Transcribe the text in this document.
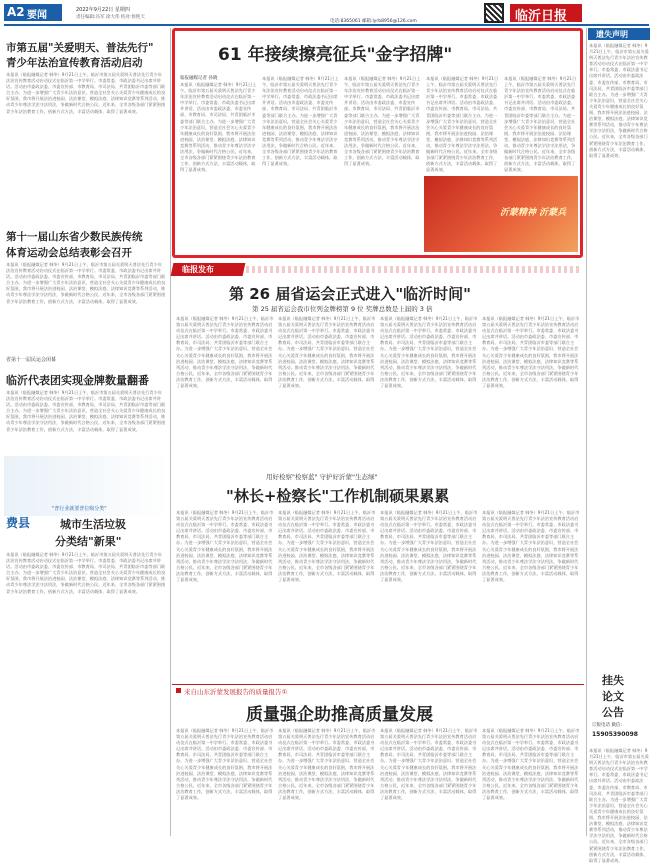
A2 要闻	2022年9月22日 星期四
责任编辑:冯军 徐大伟 校对:侯艳天
电话:8365061 邮箱:lyrb8956@126.com	临沂日报
市第五届"关爱明天、普法先行"
青少年法治宣传教育活动启动
本报讯（临报融媒记者 韩冬）9月21日上午，临沂市第五届关爱明天普法先行青少年法治宣传教育活动启动仪式在临沂第一中学举行。市委常委、市政法委书记出席并讲话。活动由市委政法委、市委宣传部、市教育局、市司法局、共青团临沂市委等部门联合主办。为进一步增强广大青少年法治意识，营造全社会关心关爱青少年健康成长的良好氛围，我市将开展法治进校园、法治课堂、模拟法庭、法律知识竞赛等系列活动，推动青少年尊法学法守法用法，争做新时代合格公民。近年来，全市各级各部门紧紧围绕青少年法治教育工作，创新方式方法，丰富活动载体，取得了显著成效。
第十一届山东省少数民族传统
体育运动会总结表彰会召开
本报讯（临报融媒记者 韩冬）9月21日上午，临沂市第五届关爱明天普法先行青少年法治宣传教育活动启动仪式在临沂第一中学举行。市委常委、市政法委书记出席并讲话。活动由市委政法委、市委宣传部、市教育局、市司法局、共青团临沂市委等部门联合主办。为进一步增强广大青少年法治意识，营造全社会关心关爱青少年健康成长的良好氛围，我市将开展法治进校园、法治课堂、模拟法庭、法律知识竞赛等系列活动，推动青少年尊法学法守法用法，争做新时代合格公民。近年来，全市各级各部门紧紧围绕青少年法治教育工作，创新方式方法，丰富活动载体，取得了显著成效。
省第十一届民运会闭幕
临沂代表团实现金牌数量翻番
本报讯（临报融媒记者 韩冬）9月21日上午，临沂市第五届关爱明天普法先行青少年法治宣传教育活动启动仪式在临沂第一中学举行。市委常委、市政法委书记出席并讲话。活动由市委政法委、市委宣传部、市教育局、市司法局、共青团临沂市委等部门联合主办。为进一步增强广大青少年法治意识，营造全社会关心关爱青少年健康成长的良好氛围，我市将开展法治进校园、法治课堂、模拟法庭、法律知识竞赛等系列活动，推动青少年尊法学法守法用法，争做新时代合格公民。近年来，全市各级各部门紧紧围绕青少年法治教育工作，创新方式方法，丰富活动载体，取得了显著成效。
费县
"普行业就要普位级分类"
城市生活垃圾
分类结"新果"
本报讯（临报融媒记者 韩冬）9月21日上午，临沂市第五届关爱明天普法先行青少年法治宣传教育活动启动仪式在临沂第一中学举行。市委常委、市政法委书记出席并讲话。活动由市委政法委、市委宣传部、市教育局、市司法局、共青团临沂市委等部门联合主办。为进一步增强广大青少年法治意识，营造全社会关心关爱青少年健康成长的良好氛围，我市将开展法治进校园、法治课堂、模拟法庭、法律知识竞赛等系列活动，推动青少年尊法学法守法用法，争做新时代合格公民。近年来，全市各级各部门紧紧围绕青少年法治教育工作，创新方式方法，丰富活动载体，取得了显著成效。
61 年接续擦亮征兵"金字招牌"
临报融媒记者 孙晓
本报讯（临报融媒记者 韩冬）9月21日上午，临沂市第五届关爱明天普法先行青少年法治宣传教育活动启动仪式在临沂第一中学举行。市委常委、市政法委书记出席并讲话。活动由市委政法委、市委宣传部、市教育局、市司法局、共青团临沂市委等部门联合主办。为进一步增强广大青少年法治意识，营造全社会关心关爱青少年健康成长的良好氛围，我市将开展法治进校园、法治课堂、模拟法庭、法律知识竞赛等系列活动，推动青少年尊法学法守法用法，争做新时代合格公民。近年来，全市各级各部门紧紧围绕青少年法治教育工作，创新方式方法，丰富活动载体，取得了显著成效。
本报讯（临报融媒记者 韩冬）9月21日上午，临沂市第五届关爱明天普法先行青少年法治宣传教育活动启动仪式在临沂第一中学举行。市委常委、市政法委书记出席并讲话。活动由市委政法委、市委宣传部、市教育局、市司法局、共青团临沂市委等部门联合主办。为进一步增强广大青少年法治意识，营造全社会关心关爱青少年健康成长的良好氛围，我市将开展法治进校园、法治课堂、模拟法庭、法律知识竞赛等系列活动，推动青少年尊法学法守法用法，争做新时代合格公民。近年来，全市各级各部门紧紧围绕青少年法治教育工作，创新方式方法，丰富活动载体，取得了显著成效。
本报讯（临报融媒记者 韩冬）9月21日上午，临沂市第五届关爱明天普法先行青少年法治宣传教育活动启动仪式在临沂第一中学举行。市委常委、市政法委书记出席并讲话。活动由市委政法委、市委宣传部、市教育局、市司法局、共青团临沂市委等部门联合主办。为进一步增强广大青少年法治意识，营造全社会关心关爱青少年健康成长的良好氛围，我市将开展法治进校园、法治课堂、模拟法庭、法律知识竞赛等系列活动，推动青少年尊法学法守法用法，争做新时代合格公民。近年来，全市各级各部门紧紧围绕青少年法治教育工作，创新方式方法，丰富活动载体，取得了显著成效。
本报讯（临报融媒记者 韩冬）9月21日上午，临沂市第五届关爱明天普法先行青少年法治宣传教育活动启动仪式在临沂第一中学举行。市委常委、市政法委书记出席并讲话。活动由市委政法委、市委宣传部、市教育局、市司法局、共青团临沂市委等部门联合主办。为进一步增强广大青少年法治意识，营造全社会关心关爱青少年健康成长的良好氛围，我市将开展法治进校园、法治课堂、模拟法庭、法律知识竞赛等系列活动，推动青少年尊法学法守法用法，争做新时代合格公民。近年来，全市各级各部门紧紧围绕青少年法治教育工作，创新方式方法，丰富活动载体，取得了显著成效。
本报讯（临报融媒记者 韩冬）9月21日上午，临沂市第五届关爱明天普法先行青少年法治宣传教育活动启动仪式在临沂第一中学举行。市委常委、市政法委书记出席并讲话。活动由市委政法委、市委宣传部、市教育局、市司法局、共青团临沂市委等部门联合主办。为进一步增强广大青少年法治意识，营造全社会关心关爱青少年健康成长的良好氛围，我市将开展法治进校园、法治课堂、模拟法庭、法律知识竞赛等系列活动，推动青少年尊法学法守法用法，争做新时代合格公民。近年来，全市各级各部门紧紧围绕青少年法治教育工作，创新方式方法，丰富活动载体，取得了显著成效。
沂蒙精神 沂蒙兵
遗失声明
本报讯（临报融媒记者 韩冬）9月21日上午，临沂市第五届关爱明天普法先行青少年法治宣传教育活动启动仪式在临沂第一中学举行。市委常委、市政法委书记出席并讲话。活动由市委政法委、市委宣传部、市教育局、市司法局、共青团临沂市委等部门联合主办。为进一步增强广大青少年法治意识，营造全社会关心关爱青少年健康成长的良好氛围，我市将开展法治进校园、法治课堂、模拟法庭、法律知识竞赛等系列活动，推动青少年尊法学法守法用法，争做新时代合格公民。近年来，全市各级各部门紧紧围绕青少年法治教育工作，创新方式方法，丰富活动载体，取得了显著成效。
挂失
论文
公告
订版电话 微信:
15905390098
本报讯（临报融媒记者 韩冬）9月21日上午，临沂市第五届关爱明天普法先行青少年法治宣传教育活动启动仪式在临沂第一中学举行。市委常委、市政法委书记出席并讲话。活动由市委政法委、市委宣传部、市教育局、市司法局、共青团临沂市委等部门联合主办。为进一步增强广大青少年法治意识，营造全社会关心关爱青少年健康成长的良好氛围，我市将开展法治进校园、法治课堂、模拟法庭、法律知识竞赛等系列活动，推动青少年尊法学法守法用法，争做新时代合格公民。近年来，全市各级各部门紧紧围绕青少年法治教育工作，创新方式方法，丰富活动载体，取得了显著成效。
临报发布
第 26 届省运会正式进入"临沂时间"
第 25 届省运会我市位列金牌榜第 9 位 奖牌总数是上届的 3 倍
本报讯（临报融媒记者 韩冬）9月21日上午，临沂市第五届关爱明天普法先行青少年法治宣传教育活动启动仪式在临沂第一中学举行。市委常委、市政法委书记出席并讲话。活动由市委政法委、市委宣传部、市教育局、市司法局、共青团临沂市委等部门联合主办。为进一步增强广大青少年法治意识，营造全社会关心关爱青少年健康成长的良好氛围，我市将开展法治进校园、法治课堂、模拟法庭、法律知识竞赛等系列活动，推动青少年尊法学法守法用法，争做新时代合格公民。近年来，全市各级各部门紧紧围绕青少年法治教育工作，创新方式方法，丰富活动载体，取得了显著成效。
本报讯（临报融媒记者 韩冬）9月21日上午，临沂市第五届关爱明天普法先行青少年法治宣传教育活动启动仪式在临沂第一中学举行。市委常委、市政法委书记出席并讲话。活动由市委政法委、市委宣传部、市教育局、市司法局、共青团临沂市委等部门联合主办。为进一步增强广大青少年法治意识，营造全社会关心关爱青少年健康成长的良好氛围，我市将开展法治进校园、法治课堂、模拟法庭、法律知识竞赛等系列活动，推动青少年尊法学法守法用法，争做新时代合格公民。近年来，全市各级各部门紧紧围绕青少年法治教育工作，创新方式方法，丰富活动载体，取得了显著成效。
本报讯（临报融媒记者 韩冬）9月21日上午，临沂市第五届关爱明天普法先行青少年法治宣传教育活动启动仪式在临沂第一中学举行。市委常委、市政法委书记出席并讲话。活动由市委政法委、市委宣传部、市教育局、市司法局、共青团临沂市委等部门联合主办。为进一步增强广大青少年法治意识，营造全社会关心关爱青少年健康成长的良好氛围，我市将开展法治进校园、法治课堂、模拟法庭、法律知识竞赛等系列活动，推动青少年尊法学法守法用法，争做新时代合格公民。近年来，全市各级各部门紧紧围绕青少年法治教育工作，创新方式方法，丰富活动载体，取得了显著成效。
本报讯（临报融媒记者 韩冬）9月21日上午，临沂市第五届关爱明天普法先行青少年法治宣传教育活动启动仪式在临沂第一中学举行。市委常委、市政法委书记出席并讲话。活动由市委政法委、市委宣传部、市教育局、市司法局、共青团临沂市委等部门联合主办。为进一步增强广大青少年法治意识，营造全社会关心关爱青少年健康成长的良好氛围，我市将开展法治进校园、法治课堂、模拟法庭、法律知识竞赛等系列活动，推动青少年尊法学法守法用法，争做新时代合格公民。近年来，全市各级各部门紧紧围绕青少年法治教育工作，创新方式方法，丰富活动载体，取得了显著成效。
用好检察"检察蓝" 守护好沂蒙"生态绿"
"林长+检察长"工作机制硕果累累
本报讯（临报融媒记者 韩冬）9月21日上午，临沂市第五届关爱明天普法先行青少年法治宣传教育活动启动仪式在临沂第一中学举行。市委常委、市政法委书记出席并讲话。活动由市委政法委、市委宣传部、市教育局、市司法局、共青团临沂市委等部门联合主办。为进一步增强广大青少年法治意识，营造全社会关心关爱青少年健康成长的良好氛围，我市将开展法治进校园、法治课堂、模拟法庭、法律知识竞赛等系列活动，推动青少年尊法学法守法用法，争做新时代合格公民。近年来，全市各级各部门紧紧围绕青少年法治教育工作，创新方式方法，丰富活动载体，取得了显著成效。
本报讯（临报融媒记者 韩冬）9月21日上午，临沂市第五届关爱明天普法先行青少年法治宣传教育活动启动仪式在临沂第一中学举行。市委常委、市政法委书记出席并讲话。活动由市委政法委、市委宣传部、市教育局、市司法局、共青团临沂市委等部门联合主办。为进一步增强广大青少年法治意识，营造全社会关心关爱青少年健康成长的良好氛围，我市将开展法治进校园、法治课堂、模拟法庭、法律知识竞赛等系列活动，推动青少年尊法学法守法用法，争做新时代合格公民。近年来，全市各级各部门紧紧围绕青少年法治教育工作，创新方式方法，丰富活动载体，取得了显著成效。
本报讯（临报融媒记者 韩冬）9月21日上午，临沂市第五届关爱明天普法先行青少年法治宣传教育活动启动仪式在临沂第一中学举行。市委常委、市政法委书记出席并讲话。活动由市委政法委、市委宣传部、市教育局、市司法局、共青团临沂市委等部门联合主办。为进一步增强广大青少年法治意识，营造全社会关心关爱青少年健康成长的良好氛围，我市将开展法治进校园、法治课堂、模拟法庭、法律知识竞赛等系列活动，推动青少年尊法学法守法用法，争做新时代合格公民。近年来，全市各级各部门紧紧围绕青少年法治教育工作，创新方式方法，丰富活动载体，取得了显著成效。
本报讯（临报融媒记者 韩冬）9月21日上午，临沂市第五届关爱明天普法先行青少年法治宣传教育活动启动仪式在临沂第一中学举行。市委常委、市政法委书记出席并讲话。活动由市委政法委、市委宣传部、市教育局、市司法局、共青团临沂市委等部门联合主办。为进一步增强广大青少年法治意识，营造全社会关心关爱青少年健康成长的良好氛围，我市将开展法治进校园、法治课堂、模拟法庭、法律知识竞赛等系列活动，推动青少年尊法学法守法用法，争做新时代合格公民。近年来，全市各级各部门紧紧围绕青少年法治教育工作，创新方式方法，丰富活动载体，取得了显著成效。
来自山东沂蒙发展报告的质量报告①
质量强企助推高质量发展
本报讯（临报融媒记者 韩冬）9月21日上午，临沂市第五届关爱明天普法先行青少年法治宣传教育活动启动仪式在临沂第一中学举行。市委常委、市政法委书记出席并讲话。活动由市委政法委、市委宣传部、市教育局、市司法局、共青团临沂市委等部门联合主办。为进一步增强广大青少年法治意识，营造全社会关心关爱青少年健康成长的良好氛围，我市将开展法治进校园、法治课堂、模拟法庭、法律知识竞赛等系列活动，推动青少年尊法学法守法用法，争做新时代合格公民。近年来，全市各级各部门紧紧围绕青少年法治教育工作，创新方式方法，丰富活动载体，取得了显著成效。
本报讯（临报融媒记者 韩冬）9月21日上午，临沂市第五届关爱明天普法先行青少年法治宣传教育活动启动仪式在临沂第一中学举行。市委常委、市政法委书记出席并讲话。活动由市委政法委、市委宣传部、市教育局、市司法局、共青团临沂市委等部门联合主办。为进一步增强广大青少年法治意识，营造全社会关心关爱青少年健康成长的良好氛围，我市将开展法治进校园、法治课堂、模拟法庭、法律知识竞赛等系列活动，推动青少年尊法学法守法用法，争做新时代合格公民。近年来，全市各级各部门紧紧围绕青少年法治教育工作，创新方式方法，丰富活动载体，取得了显著成效。
本报讯（临报融媒记者 韩冬）9月21日上午，临沂市第五届关爱明天普法先行青少年法治宣传教育活动启动仪式在临沂第一中学举行。市委常委、市政法委书记出席并讲话。活动由市委政法委、市委宣传部、市教育局、市司法局、共青团临沂市委等部门联合主办。为进一步增强广大青少年法治意识，营造全社会关心关爱青少年健康成长的良好氛围，我市将开展法治进校园、法治课堂、模拟法庭、法律知识竞赛等系列活动，推动青少年尊法学法守法用法，争做新时代合格公民。近年来，全市各级各部门紧紧围绕青少年法治教育工作，创新方式方法，丰富活动载体，取得了显著成效。
本报讯（临报融媒记者 韩冬）9月21日上午，临沂市第五届关爱明天普法先行青少年法治宣传教育活动启动仪式在临沂第一中学举行。市委常委、市政法委书记出席并讲话。活动由市委政法委、市委宣传部、市教育局、市司法局、共青团临沂市委等部门联合主办。为进一步增强广大青少年法治意识，营造全社会关心关爱青少年健康成长的良好氛围，我市将开展法治进校园、法治课堂、模拟法庭、法律知识竞赛等系列活动，推动青少年尊法学法守法用法，争做新时代合格公民。近年来，全市各级各部门紧紧围绕青少年法治教育工作，创新方式方法，丰富活动载体，取得了显著成效。
